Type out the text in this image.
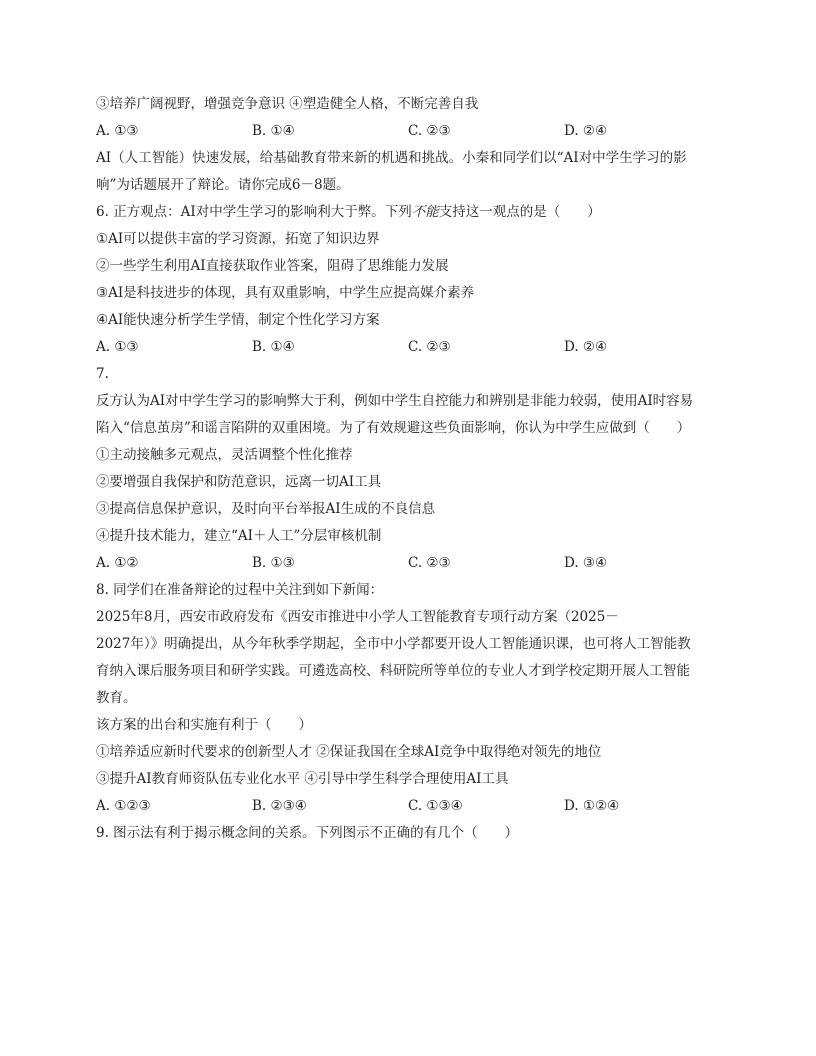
③培养广阔视野，增强竞争意识 ④塑造健全人格，不断完善自我
A. ①③	B. ①④	C. ②③	D. ②④
AI（人工智能）快速发展，给基础教育带来新的机遇和挑战。小秦和同学们以“AI对中学生学习的影
响”为话题展开了辩论。请你完成6－8题。
6. 正方观点：AI对中学生学习的影响利大于弊。下列不能支持这一观点的是（　　）
①AI可以提供丰富的学习资源，拓宽了知识边界
②一些学生利用AI直接获取作业答案，阻碍了思维能力发展
③AI是科技进步的体现，具有双重影响，中学生应提高媒介素养
④AI能快速分析学生学情，制定个性化学习方案
A. ①③	B. ①④	C. ②③	D. ②④
7.
反方认为AI对中学生学习的影响弊大于利，例如中学生自控能力和辨别是非能力较弱，使用AI时容易
陷入“信息茧房”和谣言陷阱的双重困境。为了有效规避这些负面影响，你认为中学生应做到（　　）
①主动接触多元观点，灵活调整个性化推荐
②要增强自我保护和防范意识，远离一切AI工具
③提高信息保护意识，及时向平台举报AI生成的不良信息
④提升技术能力，建立“AI＋人工”分层审核机制
A. ①②	B. ①③	C. ②③	D. ③④
8. 同学们在准备辩论的过程中关注到如下新闻：
2025年8月，西安市政府发布《西安市推进中小学人工智能教育专项行动方案（2025－
2027年）》明确提出，从今年秋季学期起，全市中小学都要开设人工智能通识课，也可将人工智能教
育纳入课后服务项目和研学实践。可遴选高校、科研院所等单位的专业人才到学校定期开展人工智能
教育。
该方案的出台和实施有利于（　　）
①培养适应新时代要求的创新型人才 ②保证我国在全球AI竞争中取得绝对领先的地位
③提升AI教育师资队伍专业化水平 ④引导中学生科学合理使用AI工具
A. ①②③	B. ②③④	C. ①③④	D. ①②④
9. 图示法有利于揭示概念间的关系。下列图示不正确的有几个（　　）
